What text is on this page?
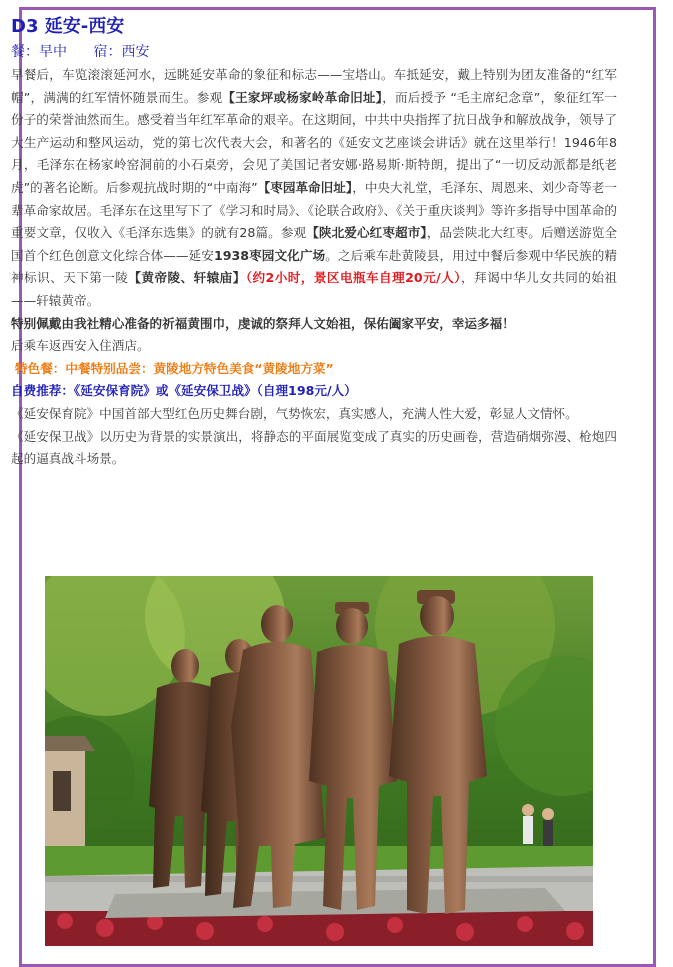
D3 延安-西安
餐：早中 宿：西安

早餐后，车览滚滚延河水，远眺延安革命的象征和标志——宝塔山。车抵延安，戴上特别为团友准备的“红军帽”，满满的红军情怀随景而生。参观【王家坪或杨家岭革命旧址】，而后授予 “毛主席纪念章”，象征红军一份子的荣誉油然而生。感受着当年红军革命的艰辛。在这期间，中共中央指挥了抗日战争和解放战争，领导了大生产运动和整风运动，党的第七次代表大会，和著名的《延安文艺座谈会讲话》就在这里举行！1946年8月，毛泽东在杨家岭窑洞前的小石桌旁，会见了美国记者安娜·路易斯·斯特朗，提出了“一切反动派都是纸老虎”的著名论断。后参观抗战时期的“中南海”【枣园革命旧址】，中央大礼堂，毛泽东、周恩来、刘少奇等老一辈革命家故居。毛泽东在这里写下了《学习和时局》、《论联合政府》、《关于重庆谈判》等许多指导中国革命的重要文章，仅收入《毛泽东选集》的就有28篇。参观【陕北爱心红枣超市】，品尝陕北大红枣。后赠送游览全国首个红色创意文化综合体——延安1938枣园文化广场。之后乘车赴黄陵县，用过中餐后参观中华民族的精神标识、天下第一陵【黄帝陵、轩辕庙】（约2小时，景区电瓶车自理20元/人），拜谒中华儿女共同的始祖——轩辕黄帝。

特别佩戴由我社精心准备的祈福黄围巾，虔诚的祭拜人文始祖，保佑阖家平安，幸运多福！

后乘车返西安入住酒店。

特色餐：中餐特别品尝：黄陵地方特色美食“黄陵地方菜”

自费推荐：《延安保育院》或《延安保卫战》（自理198元/人）

《延安保育院》中国首部大型红色历史舞台剧，气势恢宏，真实感人，充满人性大爱，彰显人文情怀。

《延安保卫战》以历史为背景的实景演出，将静态的平面展览变成了真实的历史画卷，营造硝烟弥漫、枪炮四起的逼真战斗场景。
